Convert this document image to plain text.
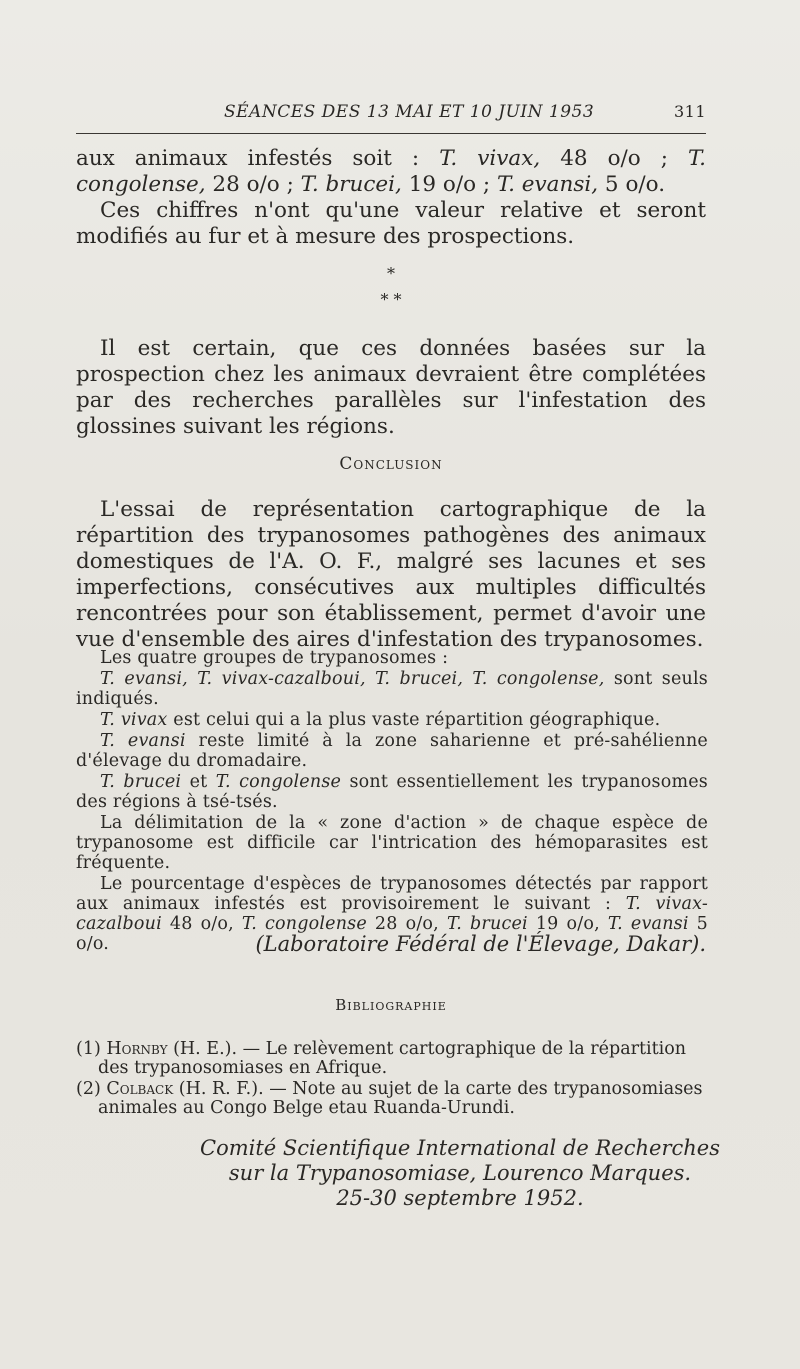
SÉANCES DES 13 MAI ET 10 JUIN 1953	311

aux animaux infestés soit : T. vivax, 48 o/o ; T. congolense, 28 o/o ; T. brucei, 19 o/o ; T. evansi, 5 o/o.

Ces chiffres n'ont qu'une valeur relative et seront modifiés au fur et à mesure des prospections.

*
* *

Il est certain, que ces données basées sur la prospection chez les animaux devraient être complétées par des recherches parallèles sur l'infestation des glossines suivant les régions.

Conclusion

L'essai de représentation cartographique de la répartition des trypanosomes pathogènes des animaux domestiques de l'A. O. F., malgré ses lacunes et ses imperfections, consécutives aux multiples difficultés rencontrées pour son établissement, permet d'avoir une vue d'ensemble des aires d'infestation des trypanosomes.

Les quatre groupes de trypanosomes :

T. evansi, T. vivax-cazalboui, T. brucei, T. congolense, sont seuls indiqués.

T. vivax est celui qui a la plus vaste répartition géographique.

T. evansi reste limité à la zone saharienne et pré-sahélienne d'élevage du dromadaire.

T. brucei et T. congolense sont essentiellement les trypanosomes des régions à tsé-tsés.

La délimitation de la « zone d'action » de chaque espèce de trypanosome est difficile car l'intrication des hémoparasites est fréquente.

Le pourcentage d'espèces de trypanosomes détectés par rapport aux animaux infestés est provisoirement le suivant : T. vivax-cazalboui 48 o/o, T. congolense 28 o/o, T. brucei 19 o/o, T. evansi 5 o/o.	(Laboratoire Fédéral de l'Élevage, Dakar).
Bibliographie

(1) Hornby (H. E.). — Le relèvement cartographique de la répartition des trypanosomiases en Afrique.

(2) Colback (H. R. F.). — Note au sujet de la carte des trypanosomiases animales au Congo Belge etau Ruanda-Urundi.

Comité Scientifique International de Recherches
sur la Trypanosomiase, Lourenco Marques.
25-30 septembre 1952.
